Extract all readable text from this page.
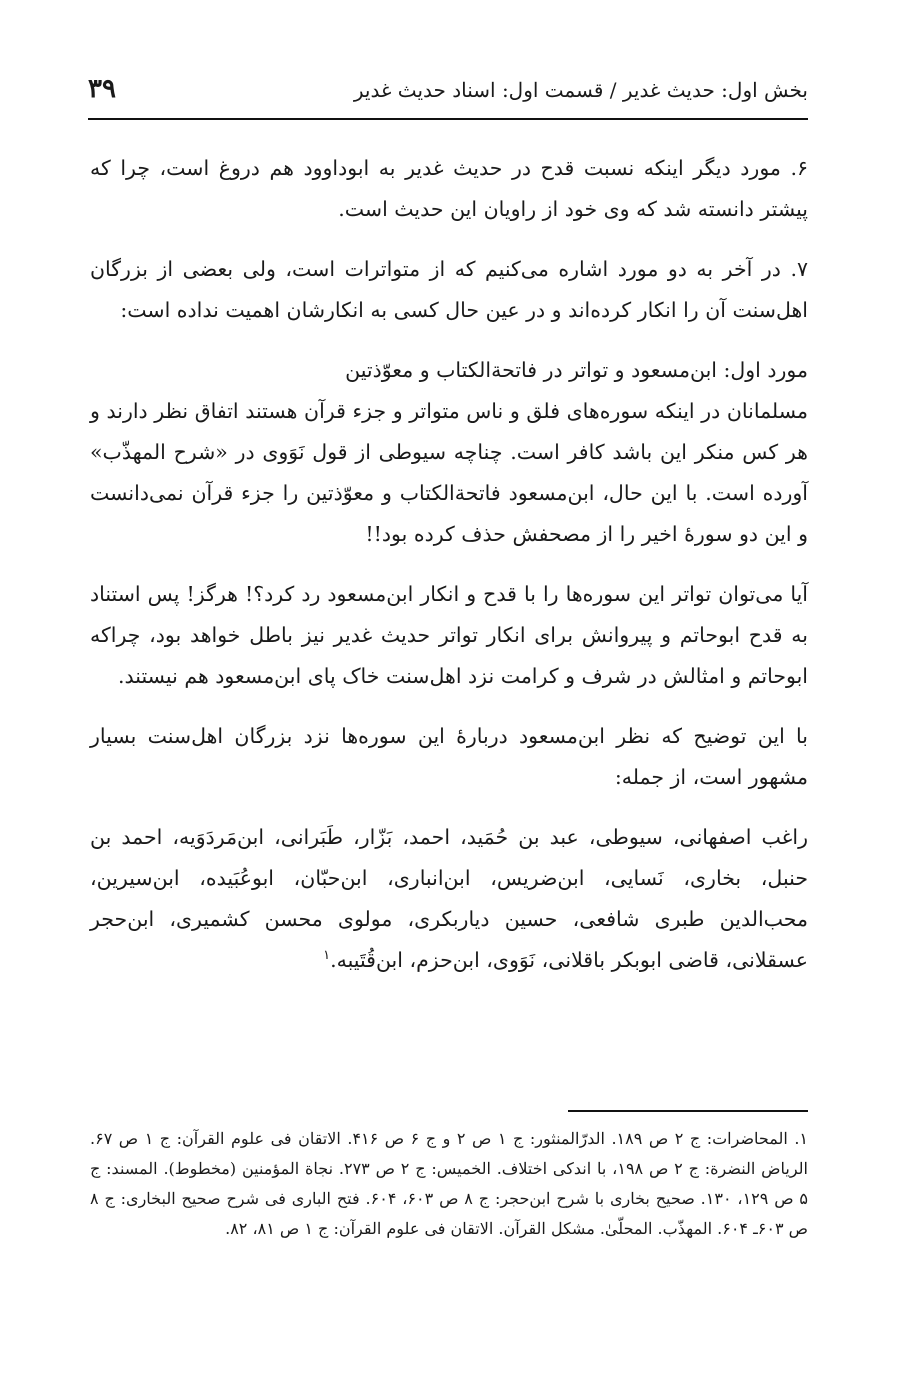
بخش اول: حدیث غدیر / قسمت اول: اسناد حدیث غدیر
۳۹

۶. مورد دیگر اینکه نسبت قدح در حدیث غدیر به ابوداوود هم دروغ است، چرا که پیشتر دانسته شد که وی خود از راویان این حدیث است.

۷. در آخر به دو مورد اشاره می‌کنیم که از متواترات است، ولی بعضی از بزرگان اهل‌سنت آن را انکار کرده‌اند و در عین حال کسی به انکارشان اهمیت نداده است:

مورد اول: ابن‌مسعود و تواتر در فاتحةالکتاب و معوّذتین

مسلمانان در اینکه سوره‌های فلق و ناس متواتر و جزء قرآن هستند اتفاق نظر دارند و هر کس منکر این باشد کافر است. چناچه سیوطی از قول نَوَوی در «شرح المهذّب» آورده است. با این حال، ابن‌مسعود فاتحةالکتاب و معوّذتین را جزء قرآن نمی‌دانست و این دو سورهٔ اخیر را از مصحفش حذف کرده بود!!

آیا می‌توان تواتر این سوره‌ها را با قدح و انکار ابن‌مسعود رد کرد؟! هرگز! پس استناد به قدح ابوحاتم و پیروانش برای انکار تواتر حدیث غدیر نیز باطل خواهد بود، چراکه ابوحاتم و امثالش در شرف و کرامت نزد اهل‌سنت خاک پای ابن‌مسعود هم نیستند.

با این توضیح که نظر ابن‌مسعود دربارهٔ این سوره‌ها نزد بزرگان اهل‌سنت بسیار مشهور است، از جمله:

راغب اصفهانی، سیوطی، عبد بن حُمَید، احمد، بَزّار، طَبَرانی، ابن‌مَردَوَیه، احمد بن حنبل، بخاری، نَسایی، ابن‌ضریس، ابن‌انباری، ابن‌حبّان، ابوعُبَیده، ابن‌سیرین، محب‌الدین طبری شافعی، حسین دیاربکری، مولوی محسن کشمیری، ابن‌حجر عسقلانی، قاضی ابوبکر باقلانی، نَوَوی، ابن‌حزم، ابن‌قُتَیبه.$^۱$

۱. المحاضرات: ج ۲ ص ۱۸۹. الدرّالمنثور: ج ۱ ص ۲ و ج ۶ ص ۴۱۶. الاتقان فی علوم القرآن: ج ۱ ص ۶۷. الریاض النضرة: ج ۲ ص ۱۹۸، با اندکی اختلاف. الخمیس: ج ۲ ص ۲۷۳. نجاة المؤمنین (مخطوط). المسند: ج ۵ ص ۱۲۹، ۱۳۰. صحیح بخاری با شرح ابن‌حجر: ج ۸ ص ۶۰۳، ۶۰۴. فتح الباری فی شرح صحیح البخاری: ج ۸ ص ۶۰۳ـ ۶۰۴. المهذّب. المحلّیٰ. مشکل القرآن. الاتقان فی علوم القرآن: ج ۱ ص ۸۱، ۸۲.
